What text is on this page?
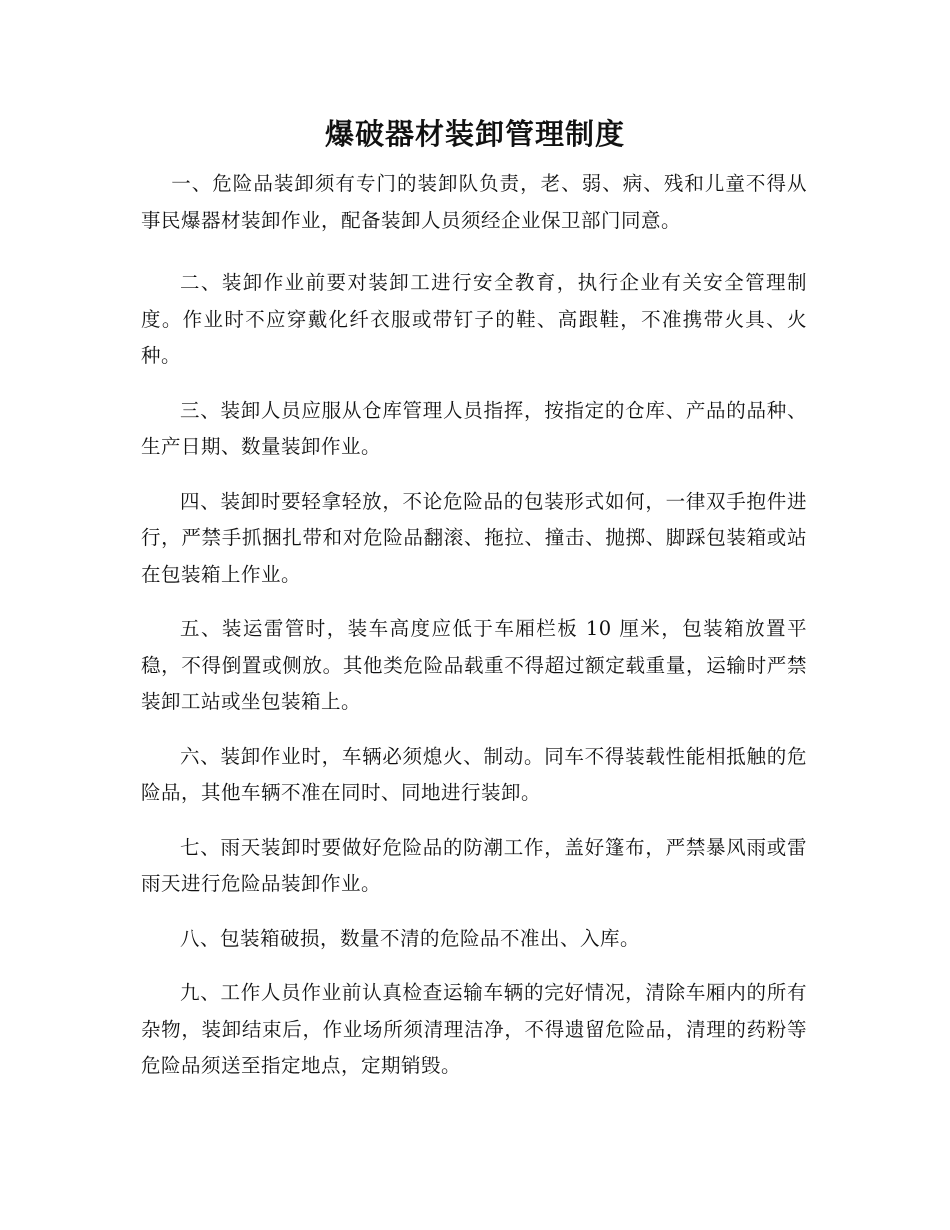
爆破器材装卸管理制度

一、危险品装卸须有专门的装卸队负责，老、弱、病、残和儿童不得从事民爆器材装卸作业，配备装卸人员须经企业保卫部门同意。

二、装卸作业前要对装卸工进行安全教育，执行企业有关安全管理制度。作业时不应穿戴化纤衣服或带钉子的鞋、高跟鞋，不准携带火具、火种。

三、装卸人员应服从仓库管理人员指挥，按指定的仓库、产品的品种、生产日期、数量装卸作业。

四、装卸时要轻拿轻放，不论危险品的包装形式如何，一律双手抱件进行，严禁手抓捆扎带和对危险品翻滚、拖拉、撞击、抛掷、脚踩包装箱或站在包装箱上作业。

五、装运雷管时，装车高度应低于车厢栏板 10 厘米，包装箱放置平稳，不得倒置或侧放。其他类危险品载重不得超过额定载重量，运输时严禁装卸工站或坐包装箱上。

六、装卸作业时，车辆必须熄火、制动。同车不得装载性能相抵触的危险品，其他车辆不准在同时、同地进行装卸。

七、雨天装卸时要做好危险品的防潮工作，盖好篷布，严禁暴风雨或雷雨天进行危险品装卸作业。

八、包装箱破损，数量不清的危险品不准出、入库。

九、工作人员作业前认真检查运输车辆的完好情况，清除车厢内的所有杂物，装卸结束后，作业场所须清理洁净，不得遗留危险品，清理的药粉等危险品须送至指定地点，定期销毁。
